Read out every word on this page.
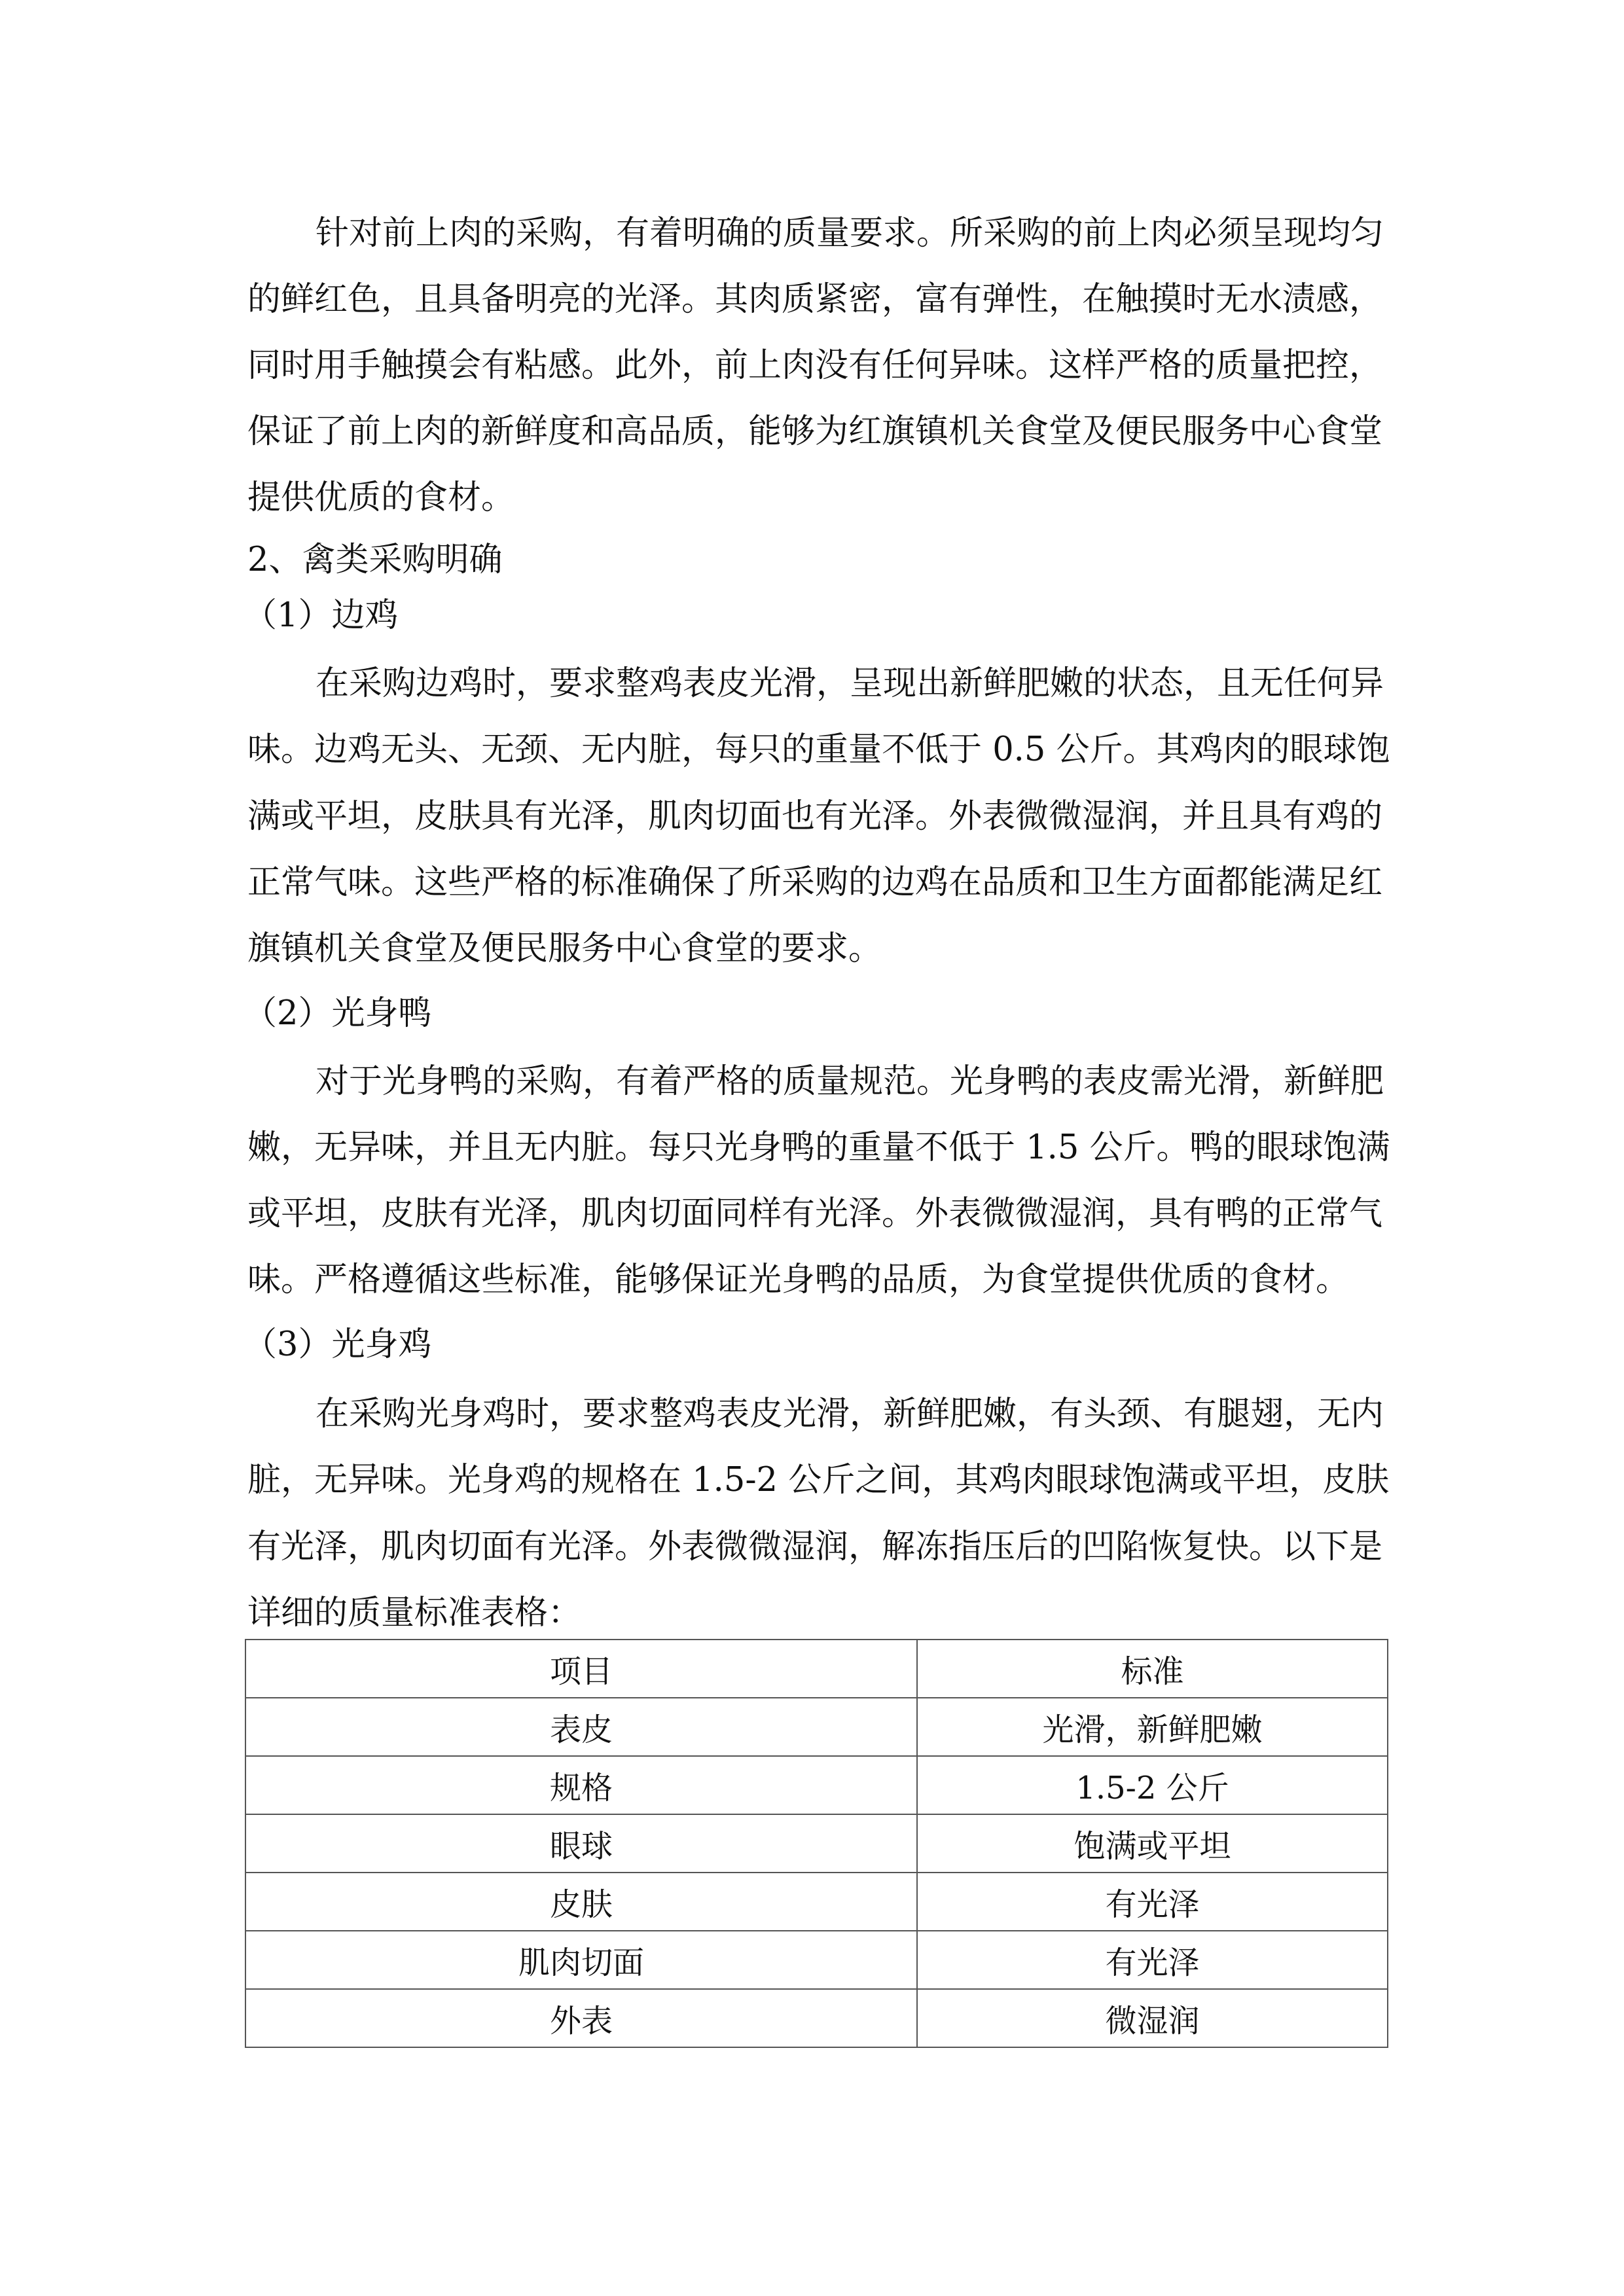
针对前上肉的采购，有着明确的质量要求。所采购的前上肉必须呈现均匀
的鲜红色，且具备明亮的光泽。其肉质紧密，富有弹性，在触摸时无水渍感，
同时用手触摸会有粘感。此外，前上肉没有任何异味。这样严格的质量把控，
保证了前上肉的新鲜度和高品质，能够为红旗镇机关食堂及便民服务中心食堂
提供优质的食材。
2、禽类采购明确
（1）边鸡
在采购边鸡时，要求整鸡表皮光滑，呈现出新鲜肥嫩的状态，且无任何异
味。边鸡无头、无颈、无内脏，每只的重量不低于 0.5 公斤。其鸡肉的眼球饱
满或平坦，皮肤具有光泽，肌肉切面也有光泽。外表微微湿润，并且具有鸡的
正常气味。这些严格的标准确保了所采购的边鸡在品质和卫生方面都能满足红
旗镇机关食堂及便民服务中心食堂的要求。
（2）光身鸭
对于光身鸭的采购，有着严格的质量规范。光身鸭的表皮需光滑，新鲜肥
嫩，无异味，并且无内脏。每只光身鸭的重量不低于 1.5 公斤。鸭的眼球饱满
或平坦，皮肤有光泽，肌肉切面同样有光泽。外表微微湿润，具有鸭的正常气
味。严格遵循这些标准，能够保证光身鸭的品质，为食堂提供优质的食材。
（3）光身鸡
在采购光身鸡时，要求整鸡表皮光滑，新鲜肥嫩，有头颈、有腿翅，无内
脏，无异味。光身鸡的规格在 1.5-2 公斤之间，其鸡肉眼球饱满或平坦，皮肤
有光泽，肌肉切面有光泽。外表微微湿润，解冻指压后的凹陷恢复快。以下是
详细的质量标准表格：
项目	标准
表皮	光滑，新鲜肥嫩
规格	1.5-2 公斤
眼球	饱满或平坦
皮肤	有光泽
肌肉切面	有光泽
外表	微湿润
